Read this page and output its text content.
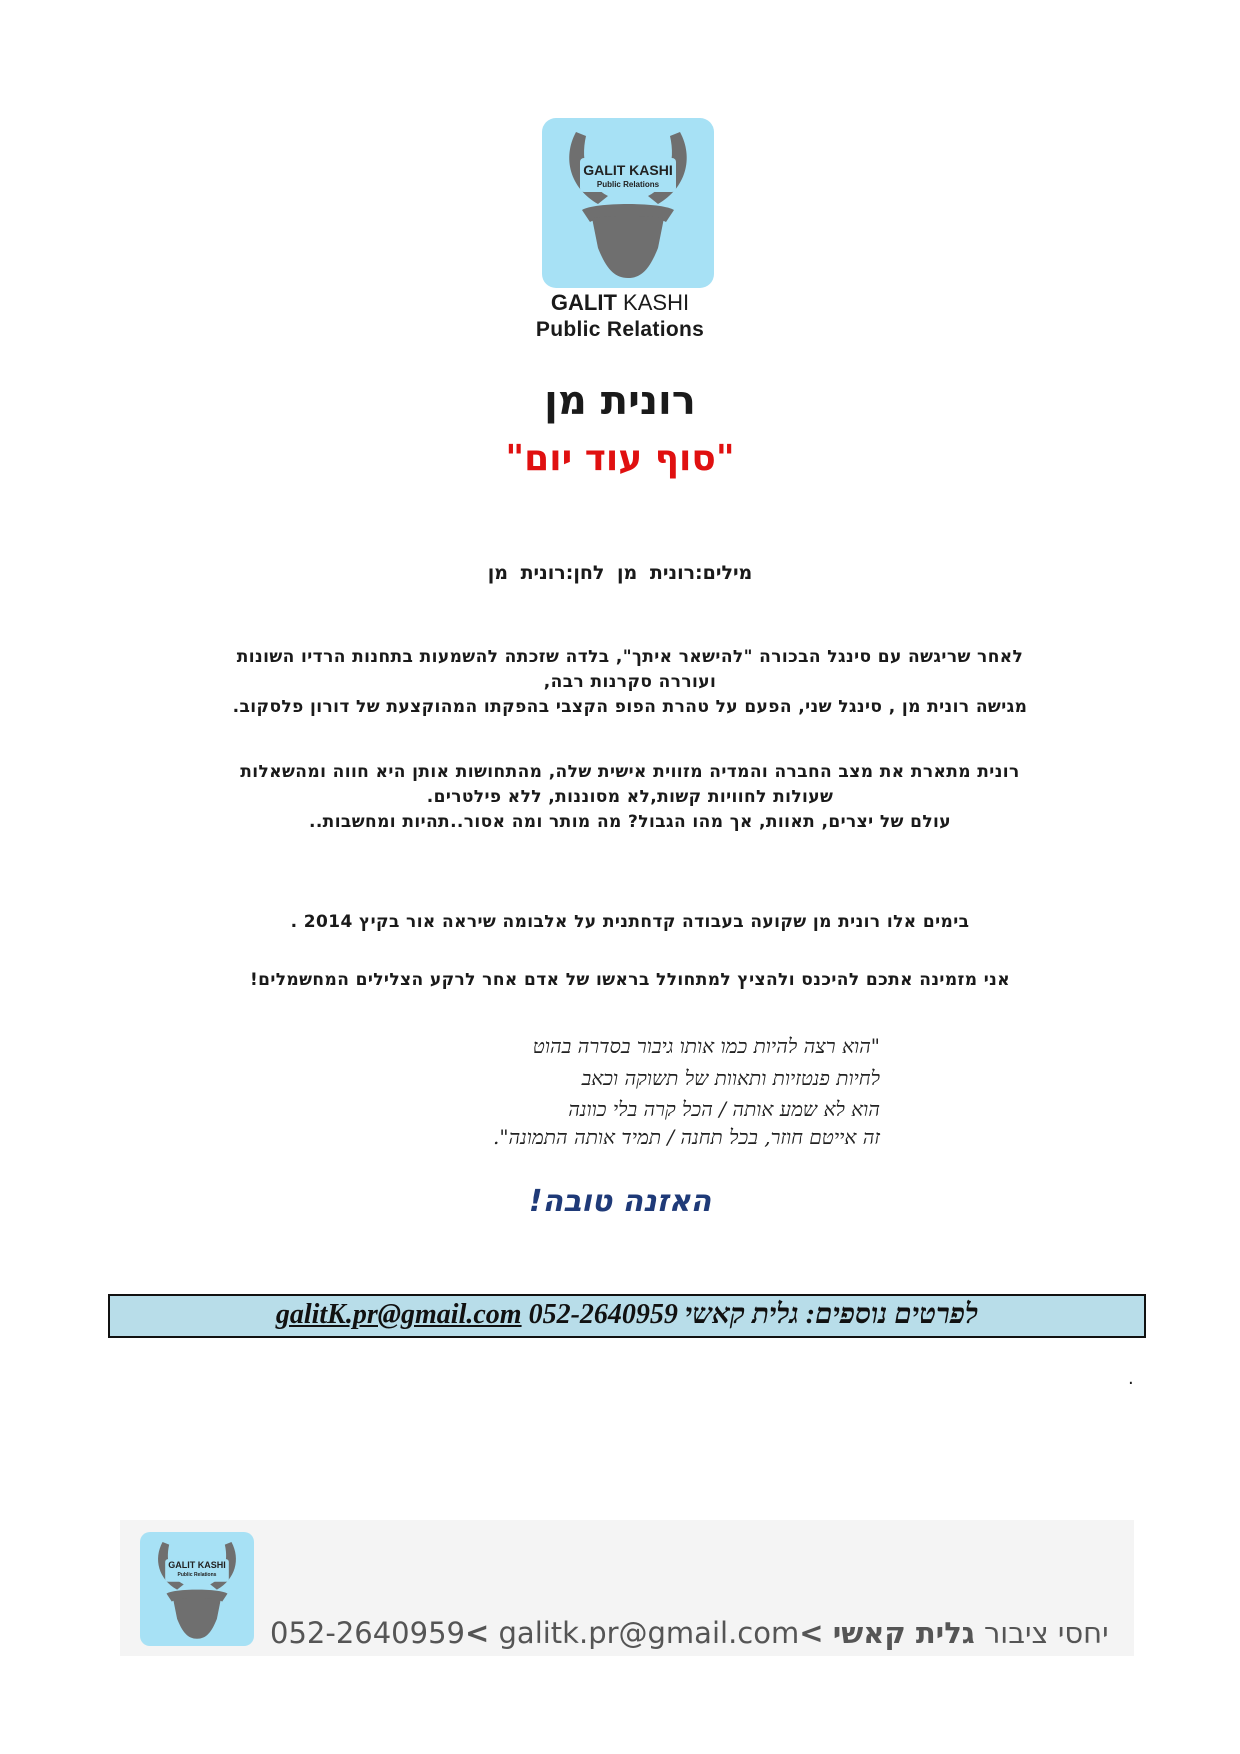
GALIT KASHI
Public Relations
GALIT KASHI
Public Relations
רונית מן
"סוף עוד יום"
מילים:רונית מן לחן:רונית מן
לאחר שריגשה עם סינגל הבכורה "להישאר איתך", בלדה שזכתה להשמעות בתחנות הרדיו השונות
ועוררה סקרנות רבה,
מגישה רונית מן , סינגל שני, הפעם על טהרת הפופ הקצבי בהפקתו המהוקצעת של דורון פלסקוב.
רונית מתארת את מצב החברה והמדיה מזווית אישית שלה, מהתחושות אותן היא חווה ומהשאלות
שעולות לחוויות קשות,לא מסוננות, ללא פילטרים.
עולם של יצרים, תאוות, אך מהו הגבול? מה מותר ומה אסור..תהיות ומחשבות..
בימים אלו רונית מן שקועה בעבודה קדחתנית על אלבומה שיראה אור בקיץ 2014 .
אני מזמינה אתכם להיכנס ולהציץ למתחולל בראשו של אדם אחר לרקע הצלילים המחשמלים!
"הוא רצה להיות כמו אותו גיבור בסדרה בהוט
לחיות פנטזיות ותאוות של תשוקה וכאב
הוא לא שמע אותה / הכל קרה בלי כוונה
זה אייטם חוזר, בכל תחנה / תמיד אותה התמונה".
האזנה טובה!
לפרטים נוספים: גלית קאשי 052-2640959 galitK.pr@gmail.com
.
GALIT KASHI
Public Relations
052-2640959< galitk.pr@gmail.com<	יחסי ציבור גלית קאשי
